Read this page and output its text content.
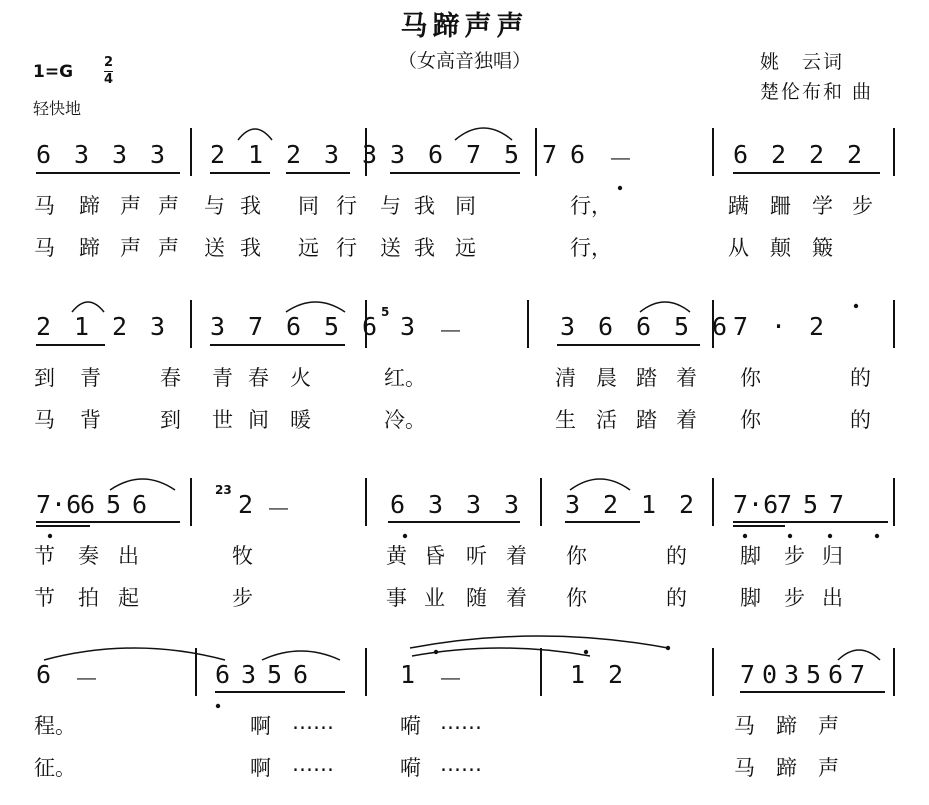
马蹄声声
（女高音独唱）
1=G 2
4
轻快地
姚　云词
楚伦布和 曲
6 3 3 3 2 1 2 3 3 3 6 7 5 7 6 －	6 2 2 2
马 蹄 声 声 与 我 同 行 与 我 同	行，	蹒 跚 学 步
马 蹄 声 声 送 我 远 行 送 我 远	行，	从 颠 簸
2 1 2 3 3 7 6 5 6 3 －	3 6 6 5 6 7 · 2
5
到 青	春 青 春 火	红。	清 晨 踏 着 你	的
马 背	到 世 间 暖	冷。	生 活 踏 着 你	的
7·6
6 5 6	2 －	6 3 3 3 3 2 1 2 7·6
7 5 7
23
节 奏 出	牧	黄 昏 听 着 你	的	脚 步 归
节 拍 起	步	事 业 随 着 你	的	脚 步 出
6 －	6 3 5 6	1 －	1 2	7 0 3 5 6 7
程。	啊 ……	嗬 ……	马 蹄 声
征。	啊 ……	嗬 ……	马 蹄 声
